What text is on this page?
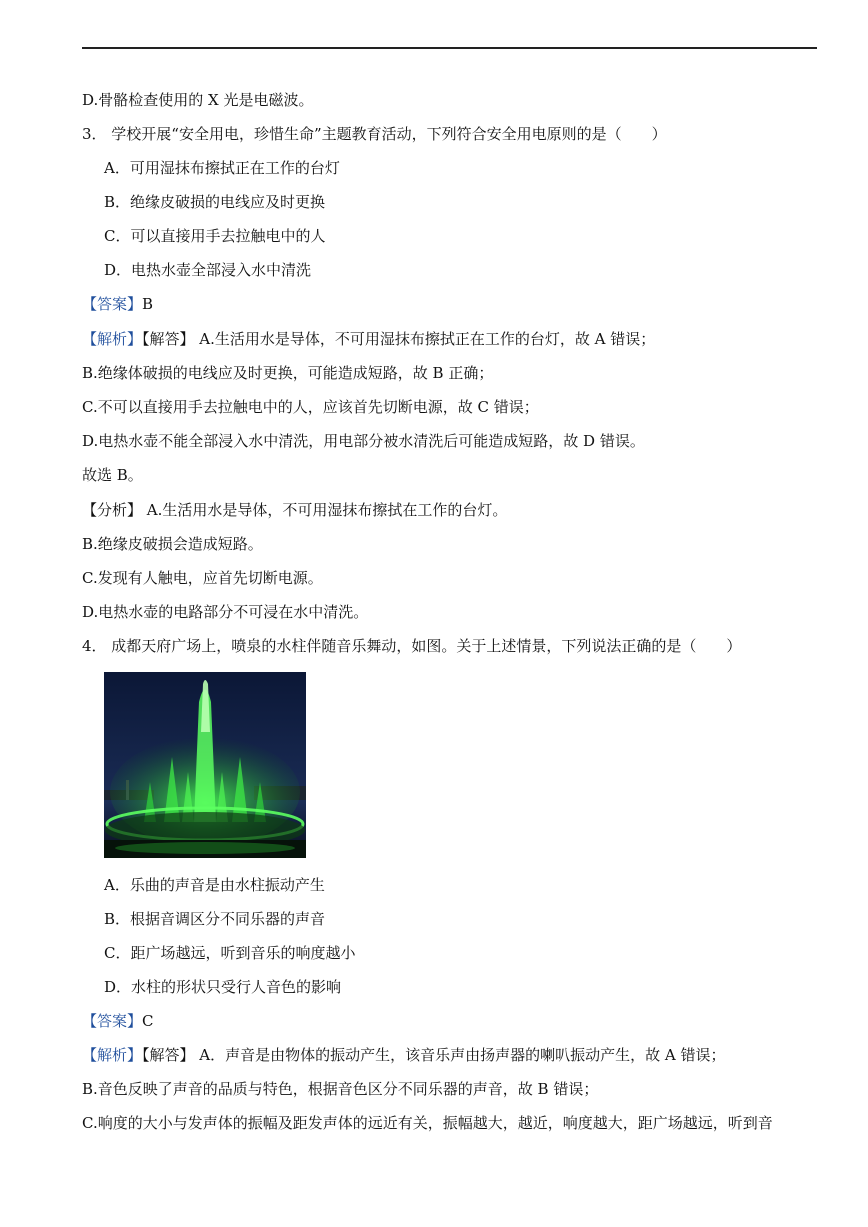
D.骨骼检查使用的 X 光是电磁波。
3． 学校开展“安全用电，珍惜生命”主题教育活动，下列符合安全用电原则的是（　　）
A．可用湿抹布擦拭正在工作的台灯
B．绝缘皮破损的电线应及时更换
C．可以直接用手去拉触电中的人
D．电热水壶全部浸入水中清洗
【答案】B
【解析】【解答】 A.生活用水是导体，不可用湿抹布擦拭正在工作的台灯，故 A 错误；
B.绝缘体破损的电线应及时更换，可能造成短路，故 B 正确；
C.不可以直接用手去拉触电中的人，应该首先切断电源，故 C 错误；
D.电热水壶不能全部浸入水中清洗，用电部分被水清洗后可能造成短路，故 D 错误。
故选 B。
【分析】 A.生活用水是导体，不可用湿抹布擦拭在工作的台灯。
B.绝缘皮破损会造成短路。
C.发现有人触电，应首先切断电源。
D.电热水壶的电路部分不可浸在水中清洗。
4． 成都天府广场上，喷泉的水柱伴随音乐舞动，如图。关于上述情景，下列说法正确的是（　　）
A．乐曲的声音是由水柱振动产生
B．根据音调区分不同乐器的声音
C．距广场越远，听到音乐的响度越小
D．水柱的形状只受行人音色的影响
【答案】C
【解析】【解答】 A．声音是由物体的振动产生，该音乐声由扬声器的喇叭振动产生，故 A 错误；
B.音色反映了声音的品质与特色，根据音色区分不同乐器的声音，故 B 错误；
C.响度的大小与发声体的振幅及距发声体的远近有关，振幅越大，越近，响度越大，距广场越远，听到音
